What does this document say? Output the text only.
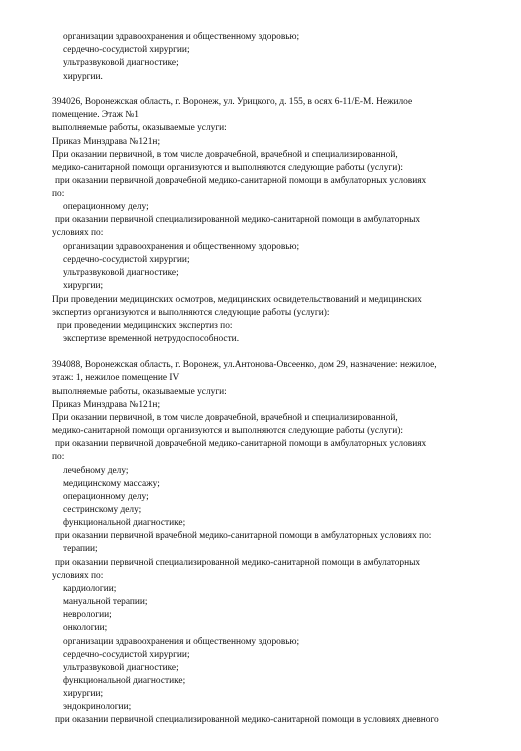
организации здравоохранения и общественному здоровью;
сердечно-сосудистой хирургии;
ультразвуковой диагностике;
хирургии.
394026, Воронежская область, г. Воронеж, ул. Урицкого, д. 155, в осях 6-11/Е-М. Нежилое
помещение. Этаж №1
выполняемые работы, оказываемые услуги:
Приказ Минздрава №121н;
При оказании первичной, в том числе доврачебной, врачебной и специализированной,
медико-санитарной помощи организуются и выполняются следующие работы (услуги):
при оказании первичной доврачебной медико-санитарной помощи в амбулаторных условиях
по:
операционному делу;
при оказании первичной специализированной медико-санитарной помощи в амбулаторных
условиях по:
организации здравоохранения и общественному здоровью;
сердечно-сосудистой хирургии;
ультразвуковой диагностике;
хирургии;
При проведении медицинских осмотров, медицинских освидетельствований и медицинских
экспертиз организуются и выполняются следующие работы (услуги):
при проведении медицинских экспертиз по:
экспертизе временной нетрудоспособности.
394088, Воронежская область, г. Воронеж, ул.Антонова-Овсеенко, дом 29, назначение: нежилое,
этаж: 1, нежилое помещение IV
выполняемые работы, оказываемые услуги:
Приказ Минздрава №121н;
При оказании первичной, в том числе доврачебной, врачебной и специализированной,
медико-санитарной помощи организуются и выполняются следующие работы (услуги):
при оказании первичной доврачебной медико-санитарной помощи в амбулаторных условиях
по:
лечебному делу;
медицинскому массажу;
операционному делу;
сестринскому делу;
функциональной диагностике;
при оказании первичной врачебной медико-санитарной помощи в амбулаторных условиях по:
терапии;
при оказании первичной специализированной медико-санитарной помощи в амбулаторных
условиях по:
кардиологии;
мануальной терапии;
неврологии;
онкологии;
организации здравоохранения и общественному здоровью;
сердечно-сосудистой хирургии;
ультразвуковой диагностике;
функциональной диагностике;
хирургии;
эндокринологии;
при оказании первичной специализированной медико-санитарной помощи в условиях дневного
